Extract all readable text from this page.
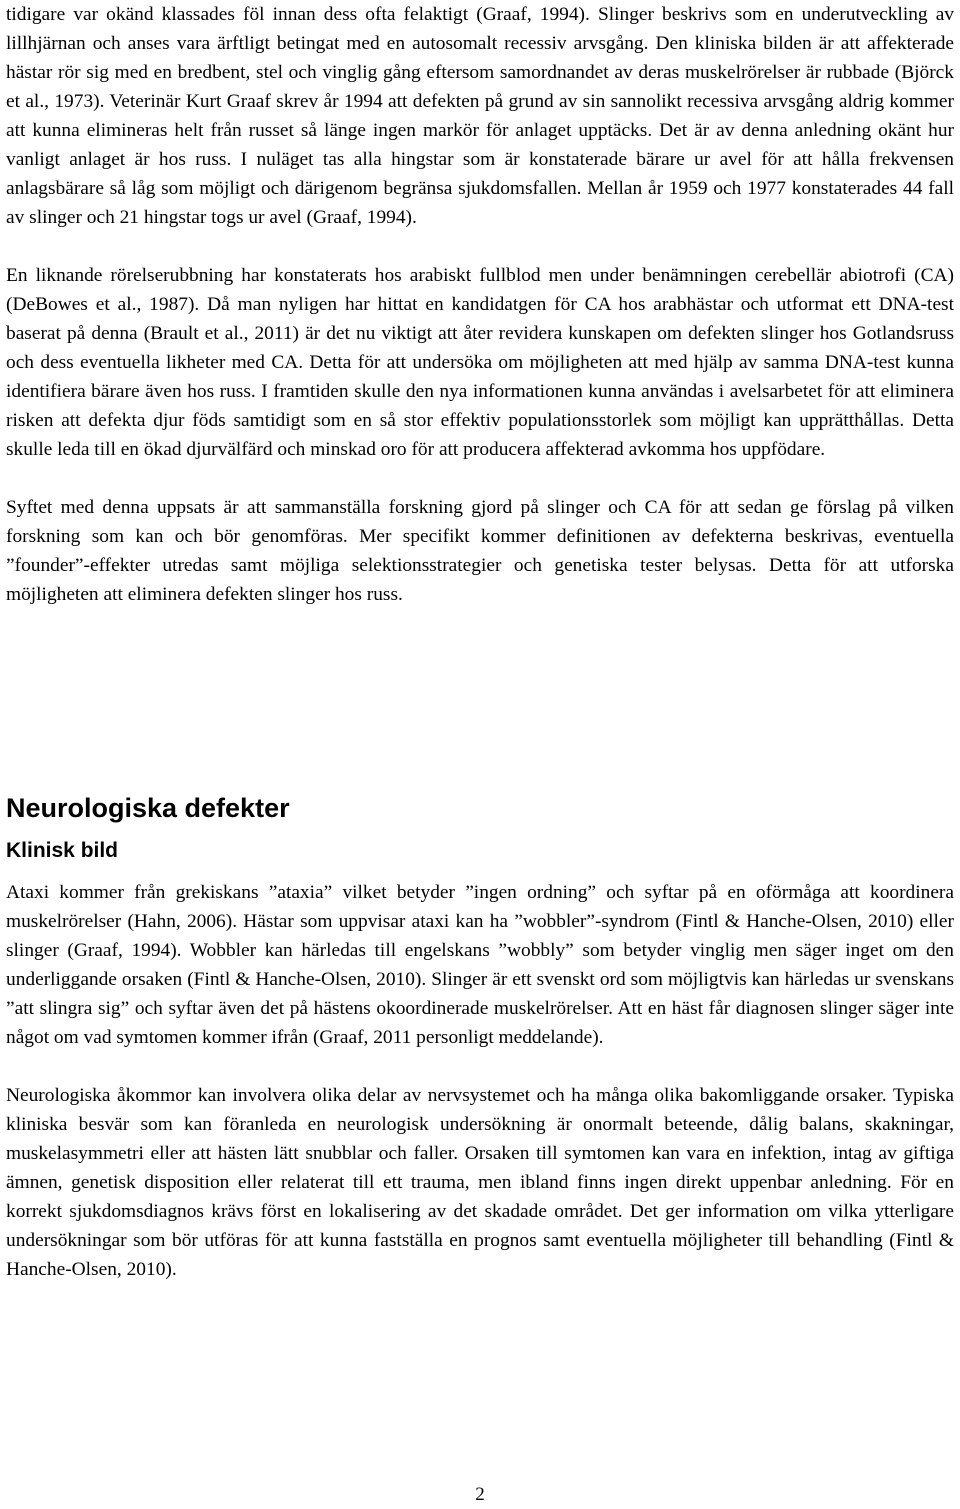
tidigare var okänd klassades föl innan dess ofta felaktigt (Graaf, 1994). Slinger beskrivs som en underutveckling av lillhjärnan och anses vara ärftligt betingat med en autosomalt recessiv arvsgång. Den kliniska bilden är att affekterade hästar rör sig med en bredbent, stel och vinglig gång eftersom samordnandet av deras muskelrörelser är rubbade (Björck et al., 1973). Veterinär Kurt Graaf skrev år 1994 att defekten på grund av sin sannolikt recessiva arvsgång aldrig kommer att kunna elimineras helt från russet så länge ingen markör för anlaget upptäcks. Det är av denna anledning okänt hur vanligt anlaget är hos russ. I nuläget tas alla hingstar som är konstaterade bärare ur avel för att hålla frekvensen anlagsbärare så låg som möjligt och därigenom begränsa sjukdomsfallen. Mellan år 1959 och 1977 konstaterades 44 fall av slinger och 21 hingstar togs ur avel (Graaf, 1994).

En liknande rörelserubbning har konstaterats hos arabiskt fullblod men under benämningen cerebellär abiotrofi (CA) (DeBowes et al., 1987). Då man nyligen har hittat en kandidatgen för CA hos arabhästar och utformat ett DNA-test baserat på denna (Brault et al., 2011) är det nu viktigt att åter revidera kunskapen om defekten slinger hos Gotlandsruss och dess eventuella likheter med CA. Detta för att undersöka om möjligheten att med hjälp av samma DNA-test kunna identifiera bärare även hos russ. I framtiden skulle den nya informationen kunna användas i avelsarbetet för att eliminera risken att defekta djur föds samtidigt som en så stor effektiv populationsstorlek som möjligt kan upprätthållas. Detta skulle leda till en ökad djurvälfärd och minskad oro för att producera affekterad avkomma hos uppfödare.

Syftet med denna uppsats är att sammanställa forskning gjord på slinger och CA för att sedan ge förslag på vilken forskning som kan och bör genomföras. Mer specifikt kommer definitionen av defekterna beskrivas, eventuella ”founder”-effekter utredas samt möjliga selektionsstrategier och genetiska tester belysas. Detta för att utforska möjligheten att eliminera defekten slinger hos russ.

Neurologiska defekter
Klinisk bild

Ataxi kommer från grekiskans ”ataxia” vilket betyder ”ingen ordning” och syftar på en oförmåga att koordinera muskelrörelser (Hahn, 2006). Hästar som uppvisar ataxi kan ha ”wobbler”-syndrom (Fintl & Hanche-Olsen, 2010) eller slinger (Graaf, 1994). Wobbler kan härledas till engelskans ”wobbly” som betyder vinglig men säger inget om den underliggande orsaken (Fintl & Hanche-Olsen, 2010). Slinger är ett svenskt ord som möjligtvis kan härledas ur svenskans ”att slingra sig” och syftar även det på hästens okoordinerade muskelrörelser. Att en häst får diagnosen slinger säger inte något om vad symtomen kommer ifrån (Graaf, 2011 personligt meddelande).

Neurologiska åkommor kan involvera olika delar av nervsystemet och ha många olika bakomliggande orsaker. Typiska kliniska besvär som kan föranleda en neurologisk undersökning är onormalt beteende, dålig balans, skakningar, muskelasymmetri eller att hästen lätt snubblar och faller. Orsaken till symtomen kan vara en infektion, intag av giftiga ämnen, genetisk disposition eller relaterat till ett trauma, men ibland finns ingen direkt uppenbar anledning. För en korrekt sjukdomsdiagnos krävs först en lokalisering av det skadade området. Det ger information om vilka ytterligare undersökningar som bör utföras för att kunna fastställa en prognos samt eventuella möjligheter till behandling (Fintl & Hanche-Olsen, 2010).

2
